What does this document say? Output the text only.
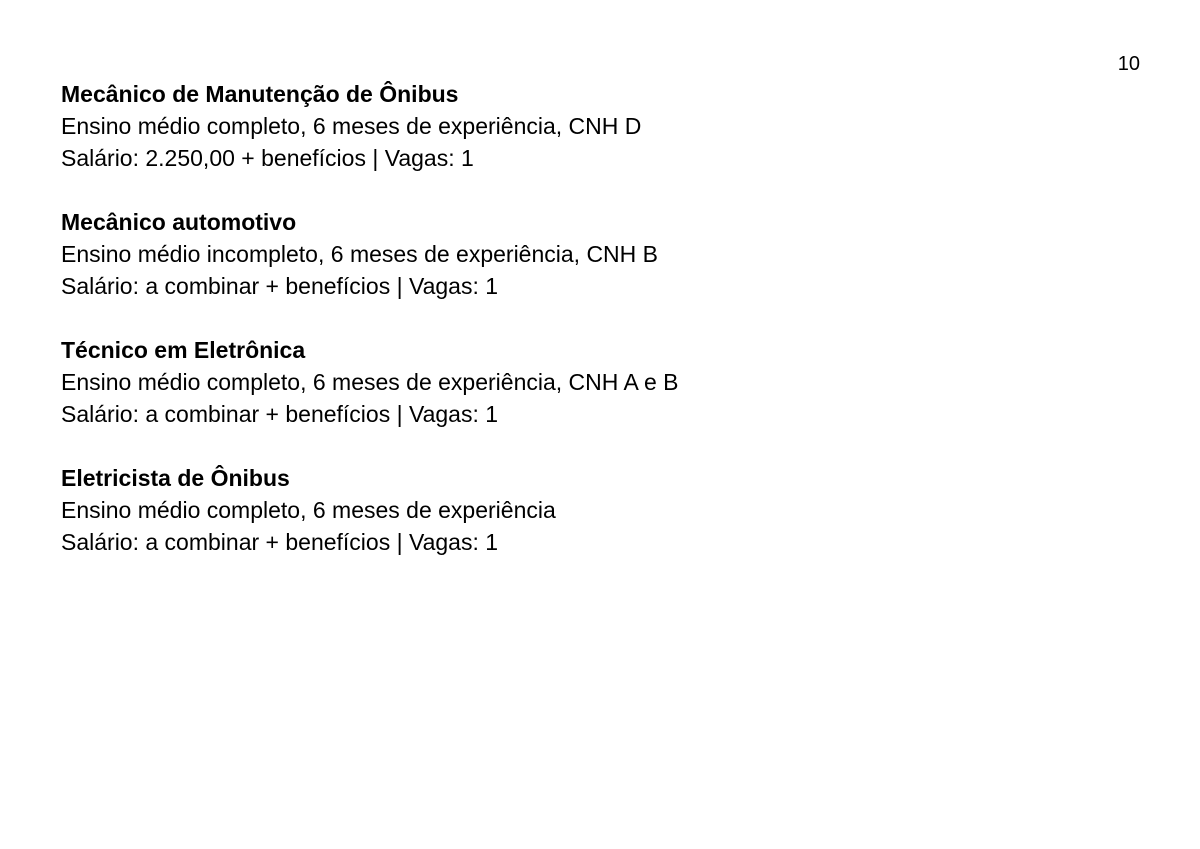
10

Mecânico de Manutenção de Ônibus

Ensino médio completo, 6 meses de experiência, CNH D

Salário: 2.250,00 + benefícios | Vagas: 1

Mecânico automotivo

Ensino médio incompleto, 6 meses de experiência, CNH B

Salário: a combinar + benefícios | Vagas: 1

Técnico em Eletrônica

Ensino médio completo, 6 meses de experiência, CNH A e B

Salário: a combinar + benefícios | Vagas: 1

Eletricista de Ônibus

Ensino médio completo, 6 meses de experiência

Salário: a combinar + benefícios | Vagas: 1
